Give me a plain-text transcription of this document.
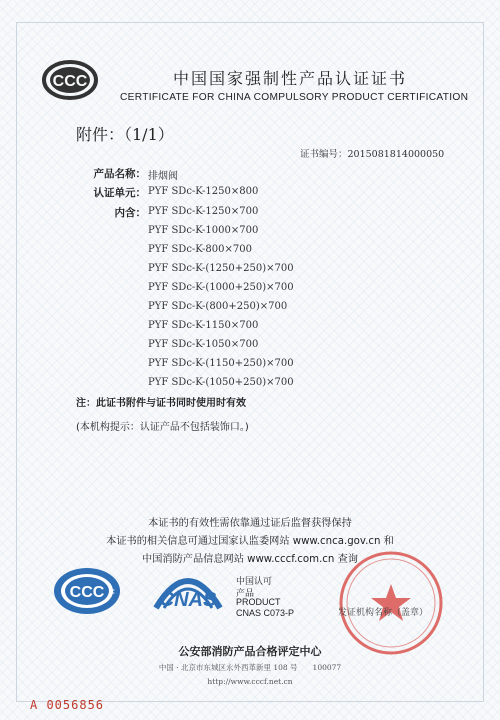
CCC	中国国家强制性产品认证证书
CERTIFICATE FOR CHINA COMPULSORY PRODUCT CERTIFICATION
附件：（1/1）
证书编号：2015081814000050
产品名称： 排烟阀
认证单元： PYF SDc-K-1250×800
内含： PYF SDc-K-1250×700
PYF SDc-K-1000×700
PYF SDc-K-800×700
PYF SDc-K-(1250+250)×700
PYF SDc-K-(1000+250)×700
PYF SDc-K-(800+250)×700
PYF SDc-K-1150×700
PYF SDc-K-1050×700
PYF SDc-K-(1150+250)×700
PYF SDc-K-(1050+250)×700
注：此证书附件与证书同时使用时有效
(本机构提示：认证产品不包括装饰口。)
本证书的有效性需依靠通过证后监督获得保持
本证书的相关信息可通过国家认监委网站 www.cnca.gov.cn 和
中国消防产品信息网站 www.cccf.com.cn 查询
CCC F CNAS
中国认可
产品
PRODUCT
CNAS C073-P	发证机构名称（盖章）
公安部消防产品合格评定中心
中国 · 北京市东城区永外西革新里 108 号　　100077
http://www.cccf.net.cn
A 0056856
